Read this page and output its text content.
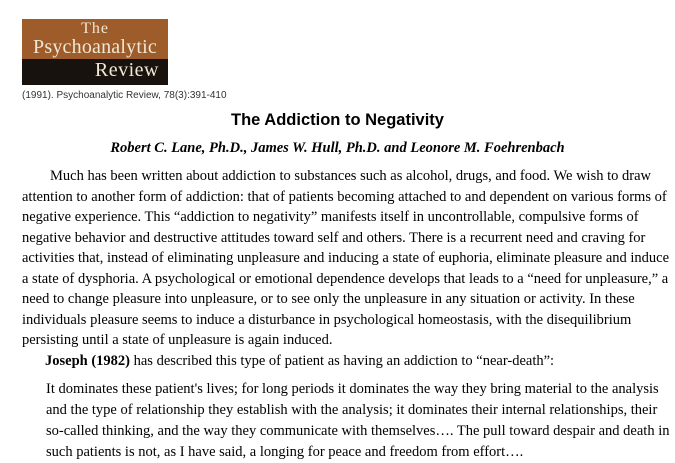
The
Psychoanalytic
Review
(1991). Psychoanalytic Review, 78(3):391-410
The Addiction to Negativity
Robert C. Lane, Ph.D., James W. Hull, Ph.D. and Leonore M. Foehrenbach

Much has been written about addiction to substances such as alcohol, drugs, and food. We wish to draw attention to another form of addiction: that of patients becoming attached to and dependent on various forms of negative experience. This “addiction to negativity” manifests itself in uncontrollable, compulsive forms of negative behavior and destructive attitudes toward self and others. There is a recurrent need and craving for activities that, instead of eliminating unpleasure and inducing a state of euphoria, eliminate pleasure and induce a state of dysphoria. A psychological or emotional dependence develops that leads to a “need for unpleasure,” a need to change pleasure into unpleasure, or to see only the unpleasure in any situation or activity. In these individuals pleasure seems to induce a disturbance in psychological homeostasis, with the disequilibrium persisting until a state of unpleasure is again induced.

Joseph (1982) has described this type of patient as having an addiction to “near-death”:

It dominates these patient's lives; for long periods it dominates the way they bring material to the analysis and the type of relationship they establish with the analysis; it dominates their internal relationships, their so-called thinking, and the way they communicate with themselves…. The pull toward despair and death in such patients is not, as I have said, a longing for peace and freedom from effort….
